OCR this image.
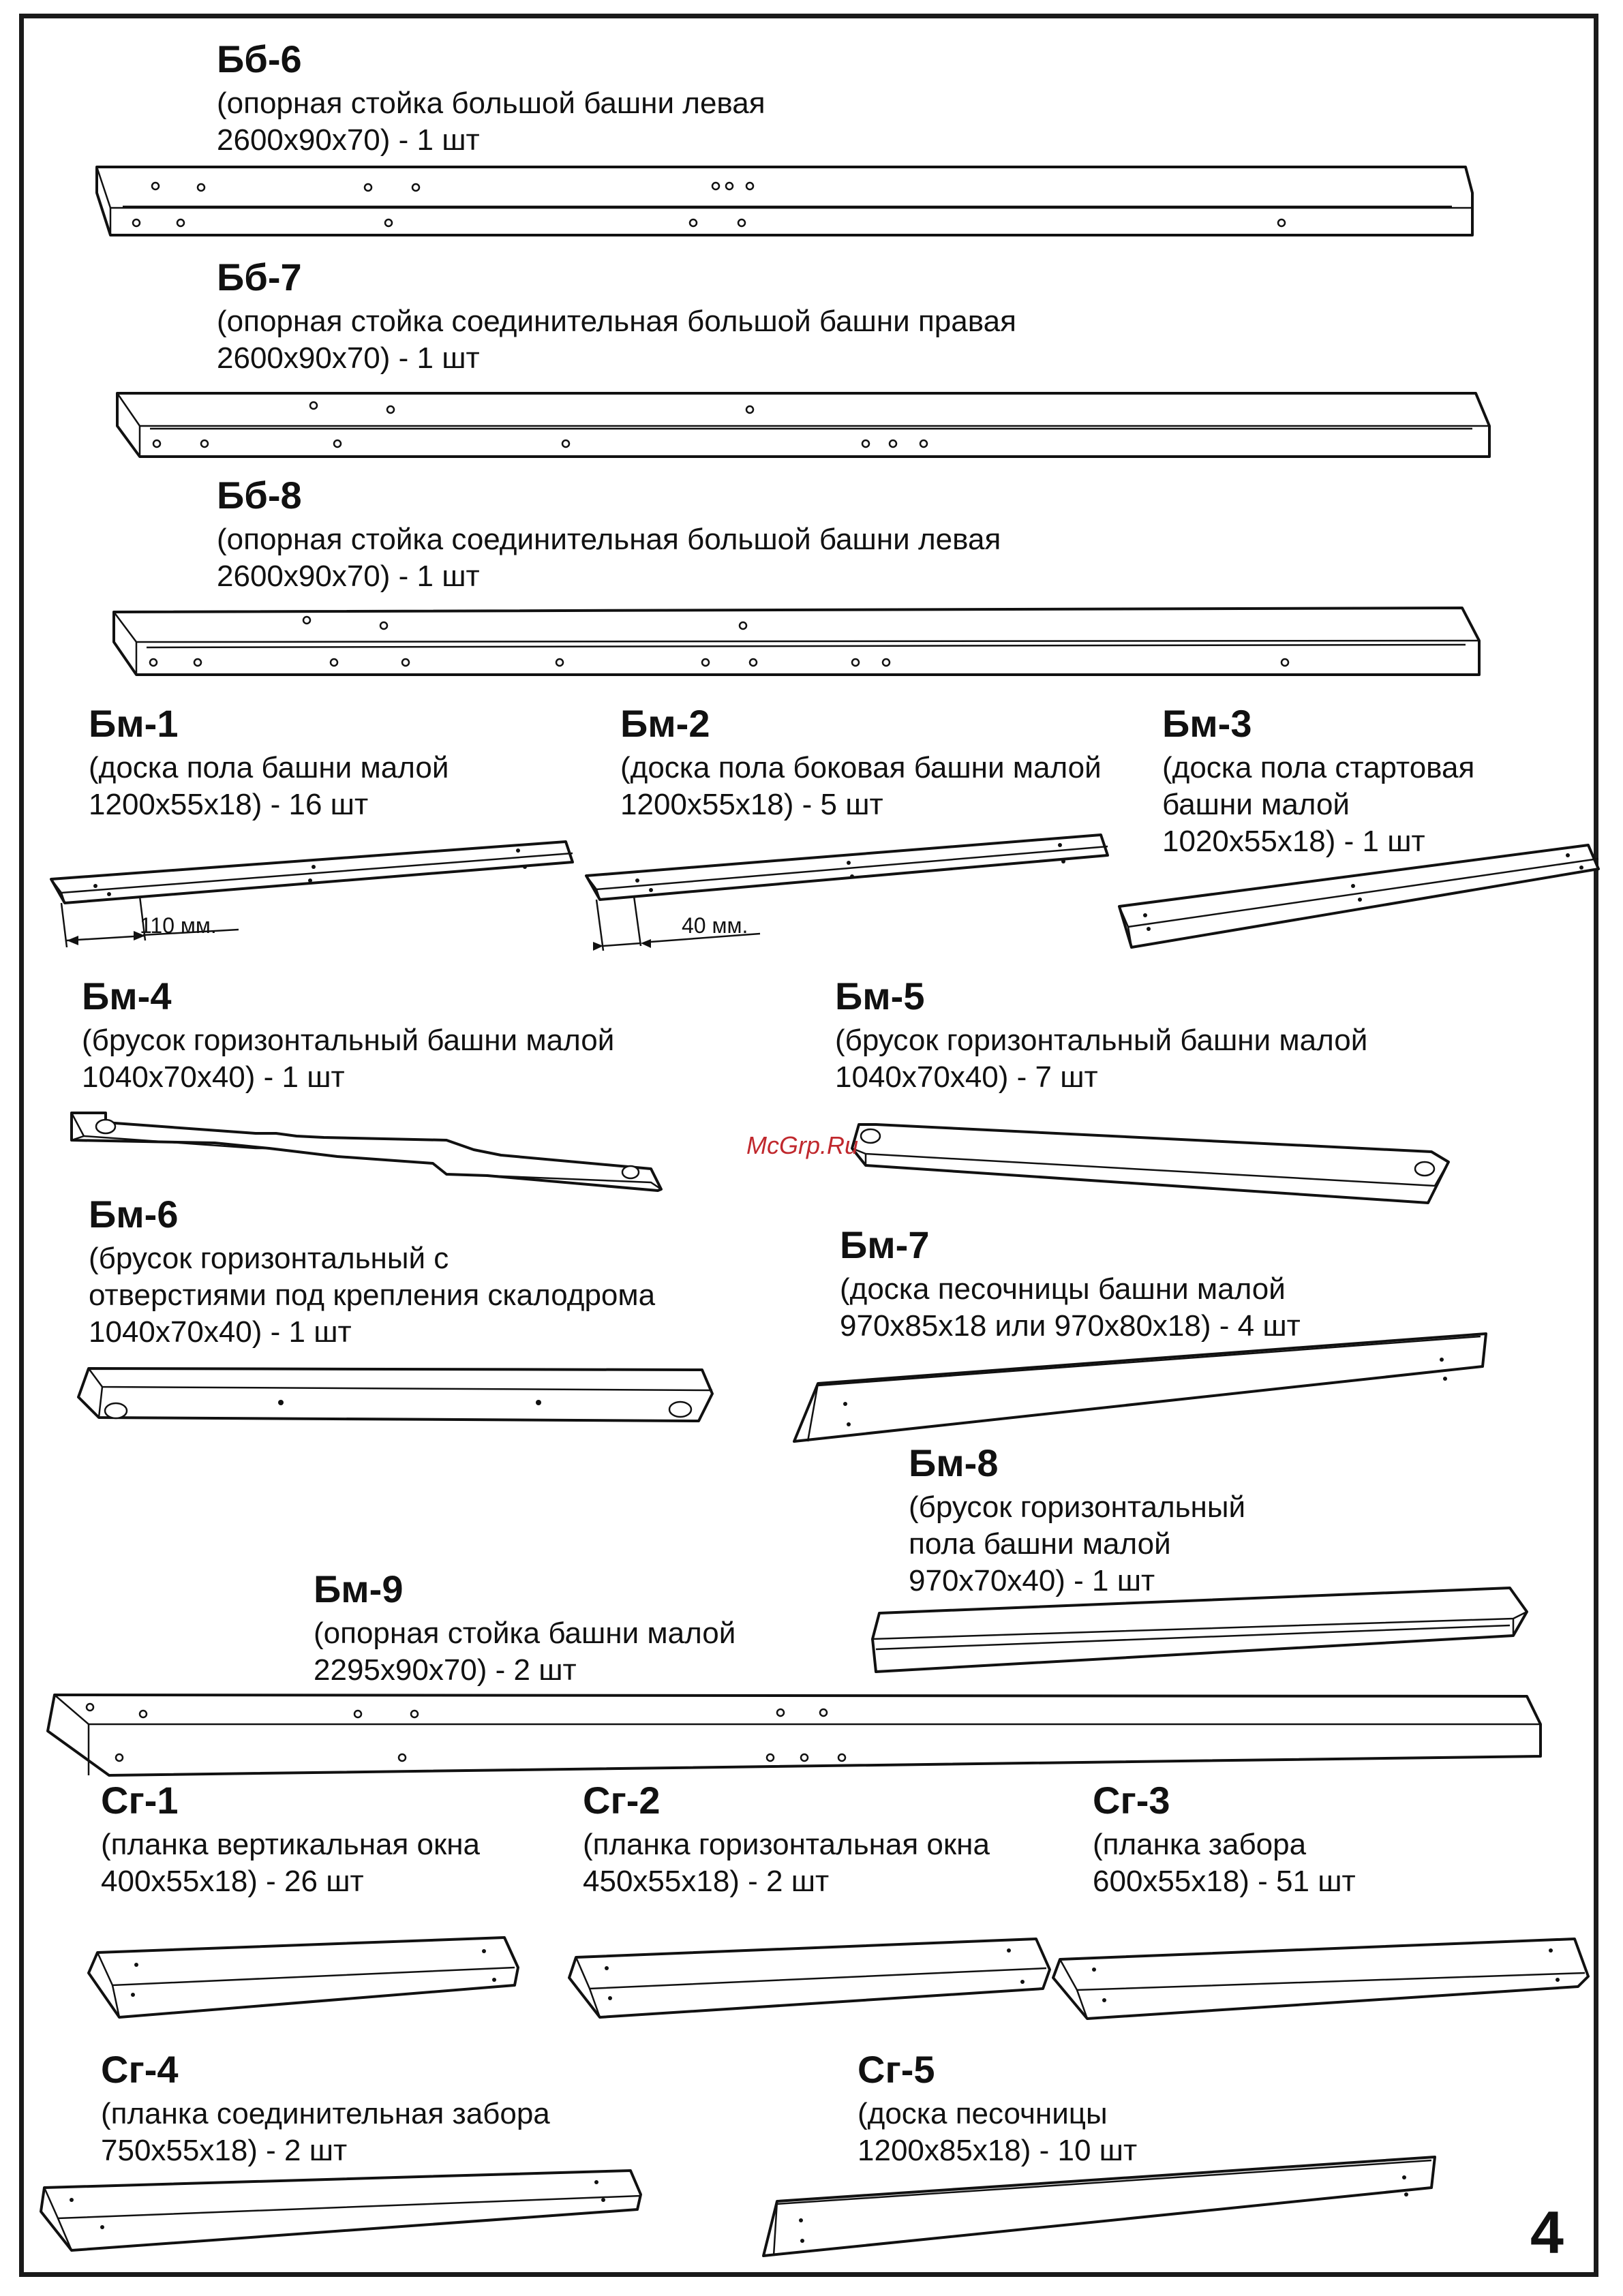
Бб-6
(опорная стойка большой башни левая
2600х90х70) - 1 шт
Бб-7
(опорная стойка соединительная большой башни правая
2600х90х70) - 1 шт
Бб-8
(опорная стойка соединительная большой башни левая
2600х90х70) - 1 шт
Бм-1
(доска пола башни малой
1200х55х18) - 16 шт
110 мм.
Бм-2
(доска пола боковая башни малой
1200х55х18) - 5 шт
40 мм.
Бм-3
(доска пола стартовая
башни малой
1020х55х18) - 1 шт
Бм-4
(брусок горизонтальный башни малой
1040х70х40) - 1 шт
Бм-5
(брусок горизонтальный башни малой
1040х70х40) - 7 шт
McGrp.Ru
Бм-6
(брусок горизонтальный с
отверстиями под крепления скалодрома
1040х70х40) - 1 шт
Бм-7
(доска песочницы башни малой
970х85х18 или 970х80х18) - 4 шт
Бм-8
(брусок горизонтальный
пола башни малой
970х70х40) - 1 шт
Бм-9
(опорная стойка башни малой
2295х90х70) - 2 шт
Сг-1
(планка вертикальная окна
400х55х18) - 26 шт
Сг-2
(планка горизонтальная окна
450х55х18) - 2 шт
Сг-3
(планка забора
600х55х18) - 51 шт
Сг-4
(планка соединительная забора
750х55х18) - 2 шт
Сг-5
(доска песочницы
1200х85х18) - 10 шт
4
